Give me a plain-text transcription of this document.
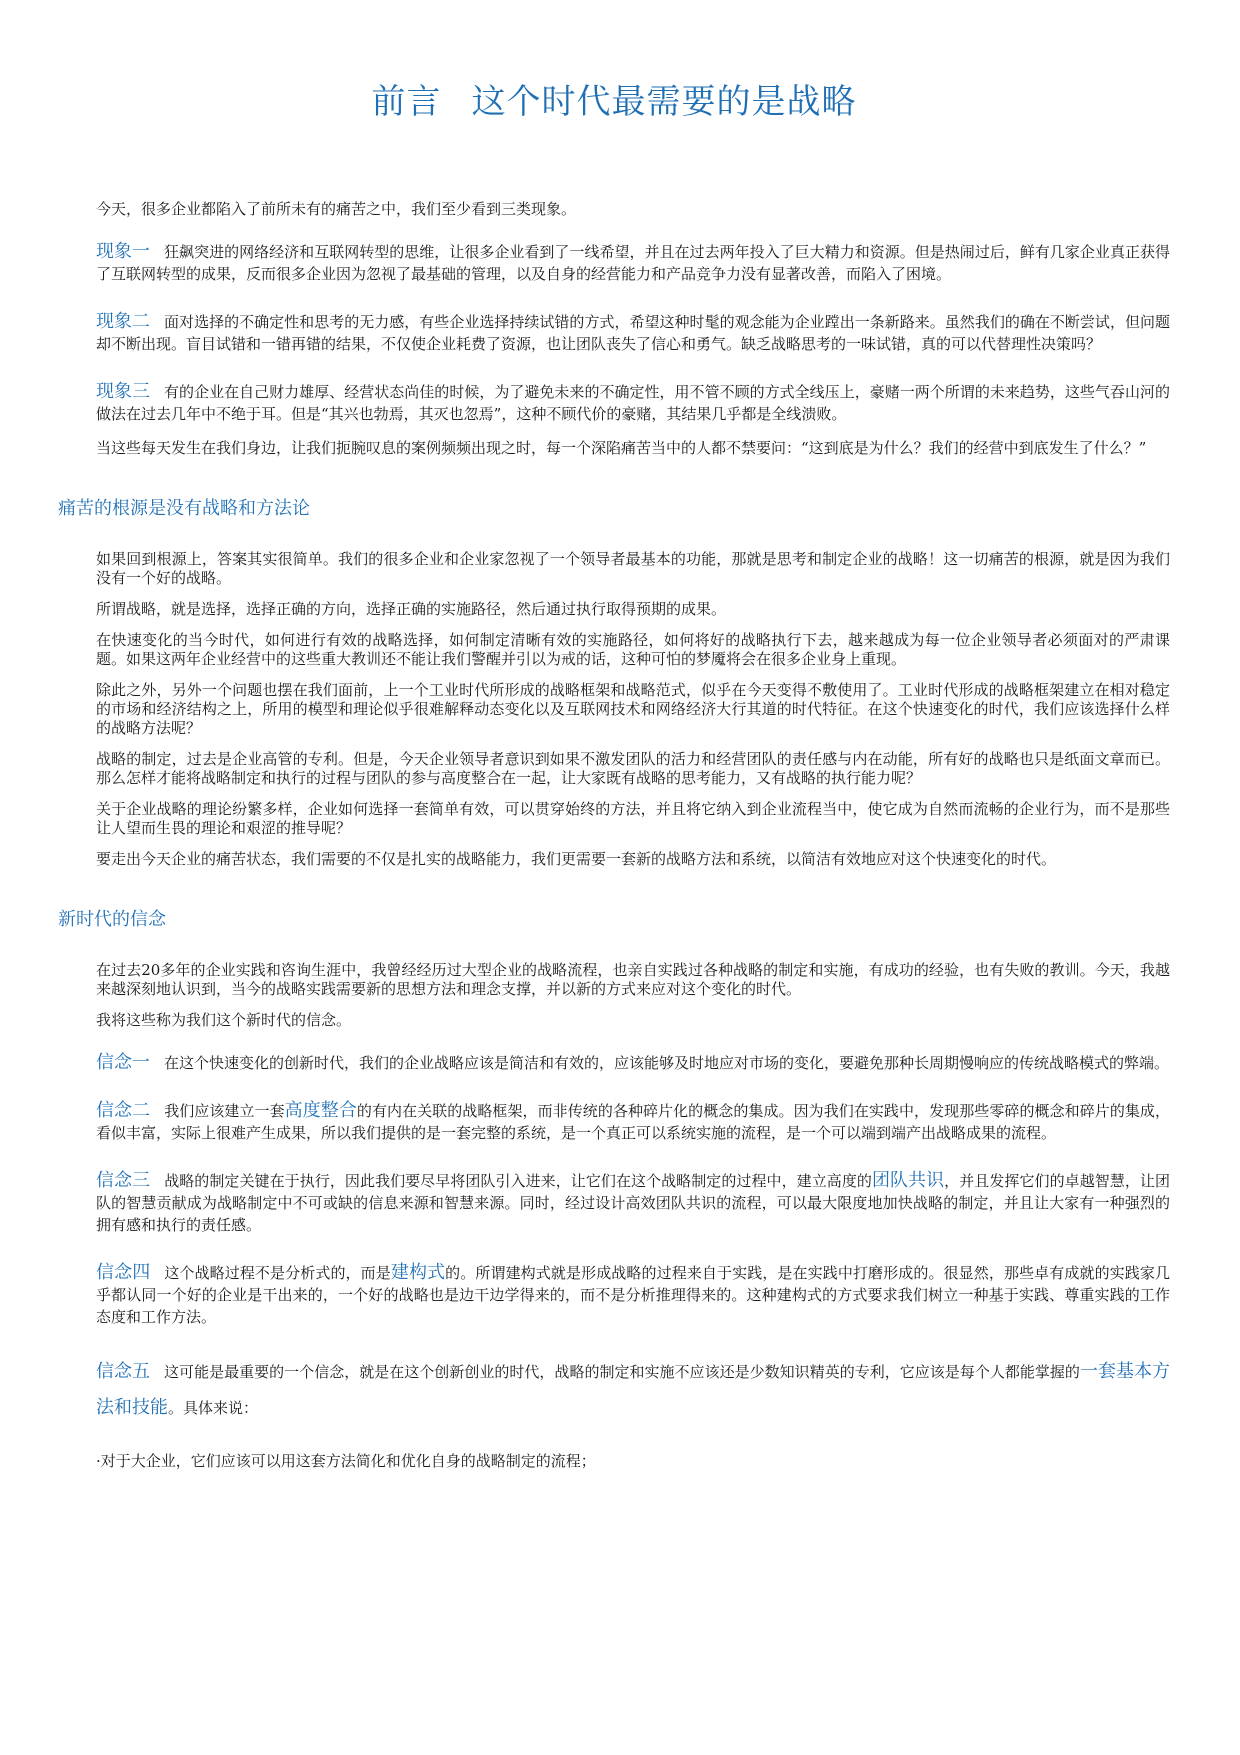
前言 这个时代最需要的是战略

今天，很多企业都陷入了前所未有的痛苦之中，我们至少看到三类现象。

现象一 狂飙突进的网络经济和互联网转型的思维，让很多企业看到了一线希望，并且在过去两年投入了巨大精力和资源。但是热闹过后，鲜有几家企业真正获得了互联网转型的成果，反而很多企业因为忽视了最基础的管理，以及自身的经营能力和产品竞争力没有显著改善，而陷入了困境。
现象二 面对选择的不确定性和思考的无力感，有些企业选择持续试错的方式，希望这种时髦的观念能为企业蹚出一条新路来。虽然我们的确在不断尝试，但问题却不断出现。盲目试错和一错再错的结果，不仅使企业耗费了资源，也让团队丧失了信心和勇气。缺乏战略思考的一味试错，真的可以代替理性决策吗？
现象三 有的企业在自己财力雄厚、经营状态尚佳的时候，为了避免未来的不确定性，用不管不顾的方式全线压上，豪赌一两个所谓的未来趋势，这些气吞山河的做法在过去几年中不绝于耳。但是“其兴也勃焉，其灭也忽焉”，这种不顾代价的豪赌，其结果几乎都是全线溃败。

当这些每天发生在我们身边，让我们扼腕叹息的案例频频出现之时，每一个深陷痛苦当中的人都不禁要问：“这到底是为什么？我们的经营中到底发生了什么？”

痛苦的根源是没有战略和方法论

如果回到根源上，答案其实很简单。我们的很多企业和企业家忽视了一个领导者最基本的功能，那就是思考和制定企业的战略！这一切痛苦的根源，就是因为我们没有一个好的战略。

所谓战略，就是选择，选择正确的方向，选择正确的实施路径，然后通过执行取得预期的成果。

在快速变化的当今时代，如何进行有效的战略选择，如何制定清晰有效的实施路径，如何将好的战略执行下去，越来越成为每一位企业领导者必须面对的严肃课题。如果这两年企业经营中的这些重大教训还不能让我们警醒并引以为戒的话，这种可怕的梦魇将会在很多企业身上重现。

除此之外，另外一个问题也摆在我们面前，上一个工业时代所形成的战略框架和战略范式，似乎在今天变得不敷使用了。工业时代形成的战略框架建立在相对稳定的市场和经济结构之上，所用的模型和理论似乎很难解释动态变化以及互联网技术和网络经济大行其道的时代特征。在这个快速变化的时代，我们应该选择什么样的战略方法呢？

战略的制定，过去是企业高管的专利。但是，今天企业领导者意识到如果不激发团队的活力和经营团队的责任感与内在动能，所有好的战略也只是纸面文章而已。那么怎样才能将战略制定和执行的过程与团队的参与高度整合在一起，让大家既有战略的思考能力，又有战略的执行能力呢？

关于企业战略的理论纷繁多样，企业如何选择一套简单有效，可以贯穿始终的方法，并且将它纳入到企业流程当中，使它成为自然而流畅的企业行为，而不是那些让人望而生畏的理论和艰涩的推导呢？

要走出今天企业的痛苦状态，我们需要的不仅是扎实的战略能力，我们更需要一套新的战略方法和系统，以简洁有效地应对这个快速变化的时代。

新时代的信念

在过去20多年的企业实践和咨询生涯中，我曾经经历过大型企业的战略流程，也亲自实践过各种战略的制定和实施，有成功的经验，也有失败的教训。今天，我越来越深刻地认识到，当今的战略实践需要新的思想方法和理念支撑，并以新的方式来应对这个变化的时代。

我将这些称为我们这个新时代的信念。

信念一 在这个快速变化的创新时代，我们的企业战略应该是简洁和有效的，应该能够及时地应对市场的变化，要避免那种长周期慢响应的传统战略模式的弊端。
信念二 我们应该建立一套高度整合的有内在关联的战略框架，而非传统的各种碎片化的概念的集成。因为我们在实践中，发现那些零碎的概念和碎片的集成，看似丰富，实际上很难产生成果，所以我们提供的是一套完整的系统，是一个真正可以系统实施的流程，是一个可以端到端产出战略成果的流程。
信念三 战略的制定关键在于执行，因此我们要尽早将团队引入进来，让它们在这个战略制定的过程中，建立高度的团队共识，并且发挥它们的卓越智慧，让团队的智慧贡献成为战略制定中不可或缺的信息来源和智慧来源。同时，经过设计高效团队共识的流程，可以最大限度地加快战略的制定，并且让大家有一种强烈的拥有感和执行的责任感。
信念四 这个战略过程不是分析式的，而是建构式的。所谓建构式就是形成战略的过程来自于实践，是在实践中打磨形成的。很显然，那些卓有成就的实践家几乎都认同一个好的企业是干出来的，一个好的战略也是边干边学得来的，而不是分析推理得来的。这种建构式的方式要求我们树立一种基于实践、尊重实践的工作态度和工作方法。
信念五 这可能是最重要的一个信念，就是在这个创新创业的时代，战略的制定和实施不应该还是少数知识精英的专利，它应该是每个人都能掌握的一套基本方法和技能。具体来说：

·对于大企业，它们应该可以用这套方法简化和优化自身的战略制定的流程；
